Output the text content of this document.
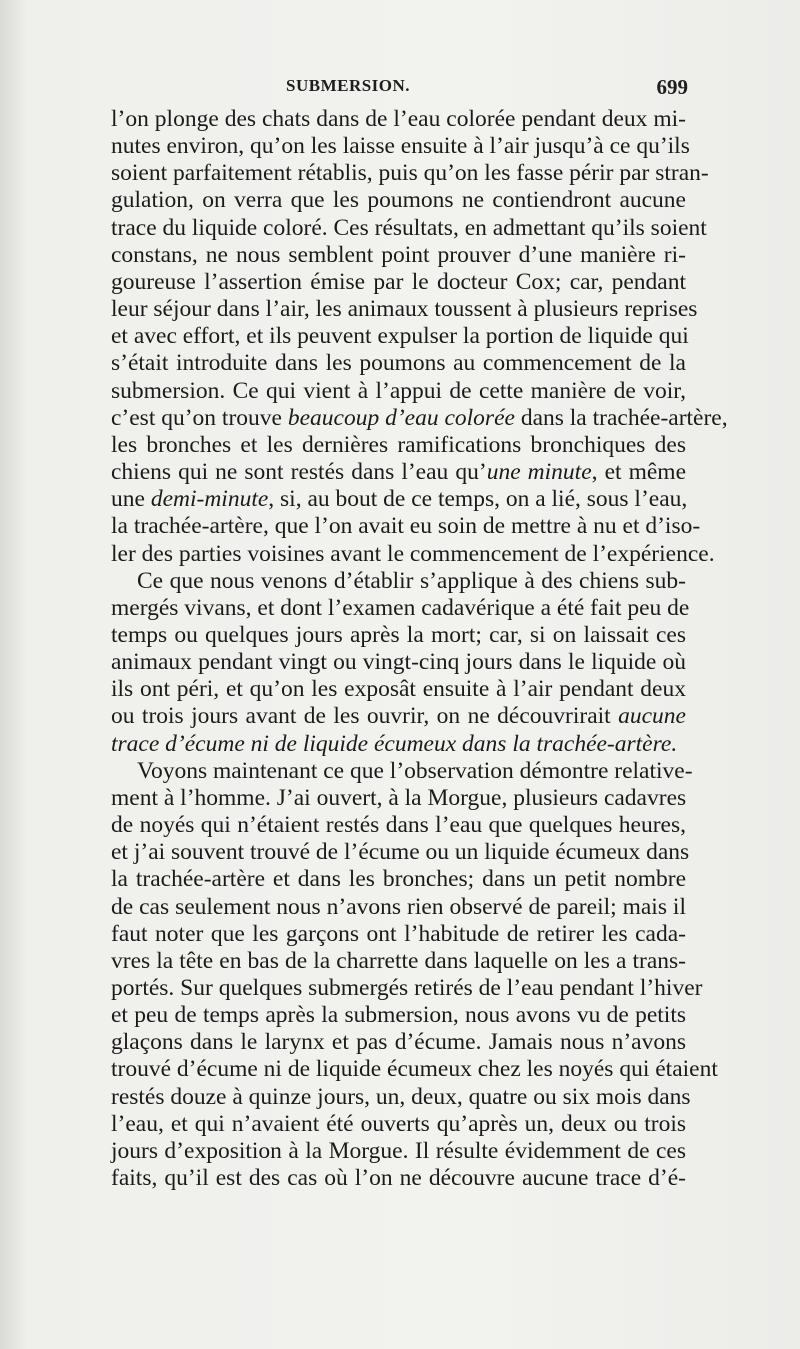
SUBMERSION.	699
l’on plonge des chats dans de l’eau colorée pendant deux mi-
nutes environ, qu’on les laisse ensuite à l’air jusqu’à ce qu’ils
soient parfaitement rétablis, puis qu’on les fasse périr par stran-
gulation, on verra que les poumons ne contiendront aucune
trace du liquide coloré. Ces résultats, en admettant qu’ils soient
constans, ne nous semblent point prouver d’une manière ri-
goureuse l’assertion émise par le docteur Cox; car, pendant
leur séjour dans l’air, les animaux toussent à plusieurs reprises
et avec effort, et ils peuvent expulser la portion de liquide qui
s’était introduite dans les poumons au commencement de la
submersion. Ce qui vient à l’appui de cette manière de voir,
c’est qu’on trouve beaucoup d’eau colorée dans la trachée-artère,
les bronches et les dernières ramifications bronchiques des
chiens qui ne sont restés dans l’eau qu’une minute, et même
une demi-minute, si, au bout de ce temps, on a lié, sous l’eau,
la trachée-artère, que l’on avait eu soin de mettre à nu et d’iso-
ler des parties voisines avant le commencement de l’expérience.
Ce que nous venons d’établir s’applique à des chiens sub-
mergés vivans, et dont l’examen cadavérique a été fait peu de
temps ou quelques jours après la mort; car, si on laissait ces
animaux pendant vingt ou vingt-cinq jours dans le liquide où
ils ont péri, et qu’on les exposât ensuite à l’air pendant deux
ou trois jours avant de les ouvrir, on ne découvrirait aucune
trace d’écume ni de liquide écumeux dans la trachée-artère.
Voyons maintenant ce que l’observation démontre relative-
ment à l’homme. J’ai ouvert, à la Morgue, plusieurs cadavres
de noyés qui n’étaient restés dans l’eau que quelques heures,
et j’ai souvent trouvé de l’écume ou un liquide écumeux dans
la trachée-artère et dans les bronches; dans un petit nombre
de cas seulement nous n’avons rien observé de pareil; mais il
faut noter que les garçons ont l’habitude de retirer les cada-
vres la tête en bas de la charrette dans laquelle on les a trans-
portés. Sur quelques submergés retirés de l’eau pendant l’hiver
et peu de temps après la submersion, nous avons vu de petits
glaçons dans le larynx et pas d’écume. Jamais nous n’avons
trouvé d’écume ni de liquide écumeux chez les noyés qui étaient
restés douze à quinze jours, un, deux, quatre ou six mois dans
l’eau, et qui n’avaient été ouverts qu’après un, deux ou trois
jours d’exposition à la Morgue. Il résulte évidemment de ces
faits, qu’il est des cas où l’on ne découvre aucune trace d’é-
